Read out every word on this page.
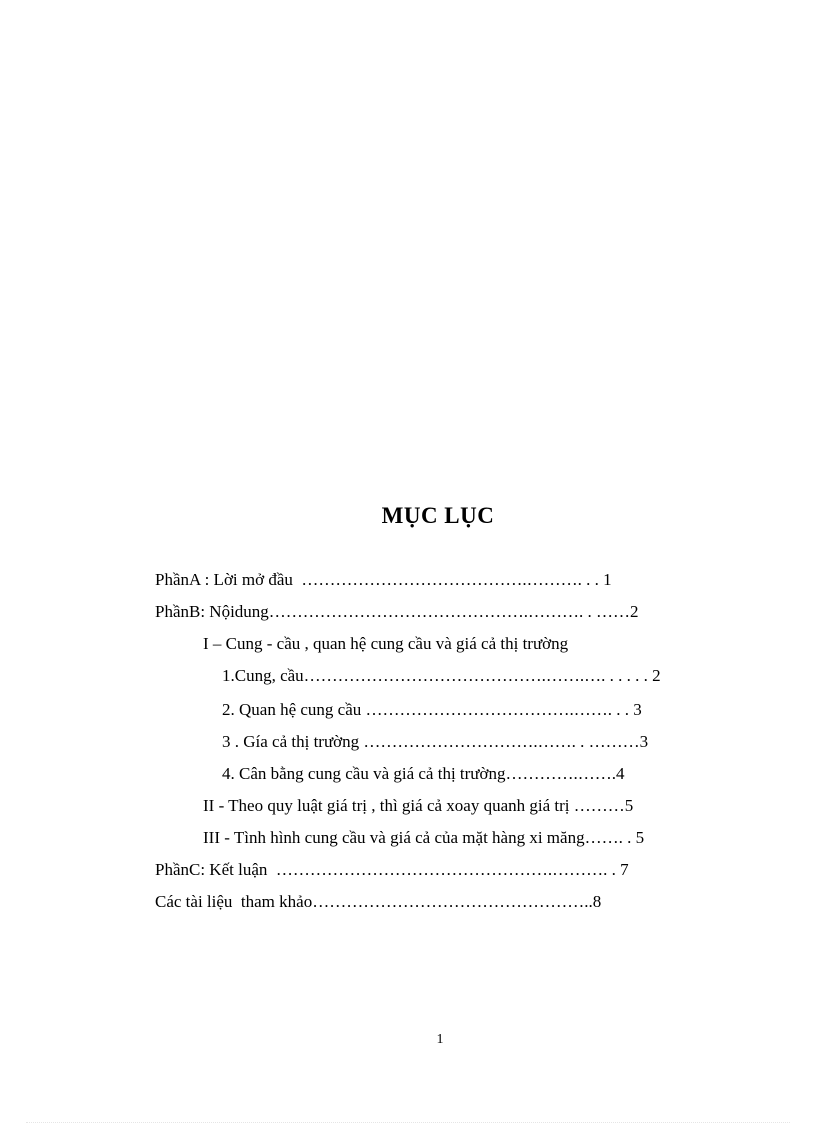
MỤC LỤC
PhầnA : Lời mở đầu  ………………………………….………. . . 1
PhầnB: Nộidung……………………………………….………. . ……2
I – Cung - cầu , quan hệ cung cầu và giá cả thị trường
1.Cung, cầu…………………………………….…….…. . . . . . 2
2. Quan hệ cung cầu ……………………………….……. . . 3
3 . Gía cả thị trường ………………………….……. . ………3
4. Cân bằng cung cầu và giá cả thị trường………….…….4
II - Theo quy luật giá trị , thì giá cả xoay quanh giá trị ………5
III - Tình hình cung cầu và giá cả của mặt hàng xi măng……. . 5
PhầnC: Kết luận  ………………………………………….………. . 7
Các tài liệu  tham khảo…………………………………………..8
1
